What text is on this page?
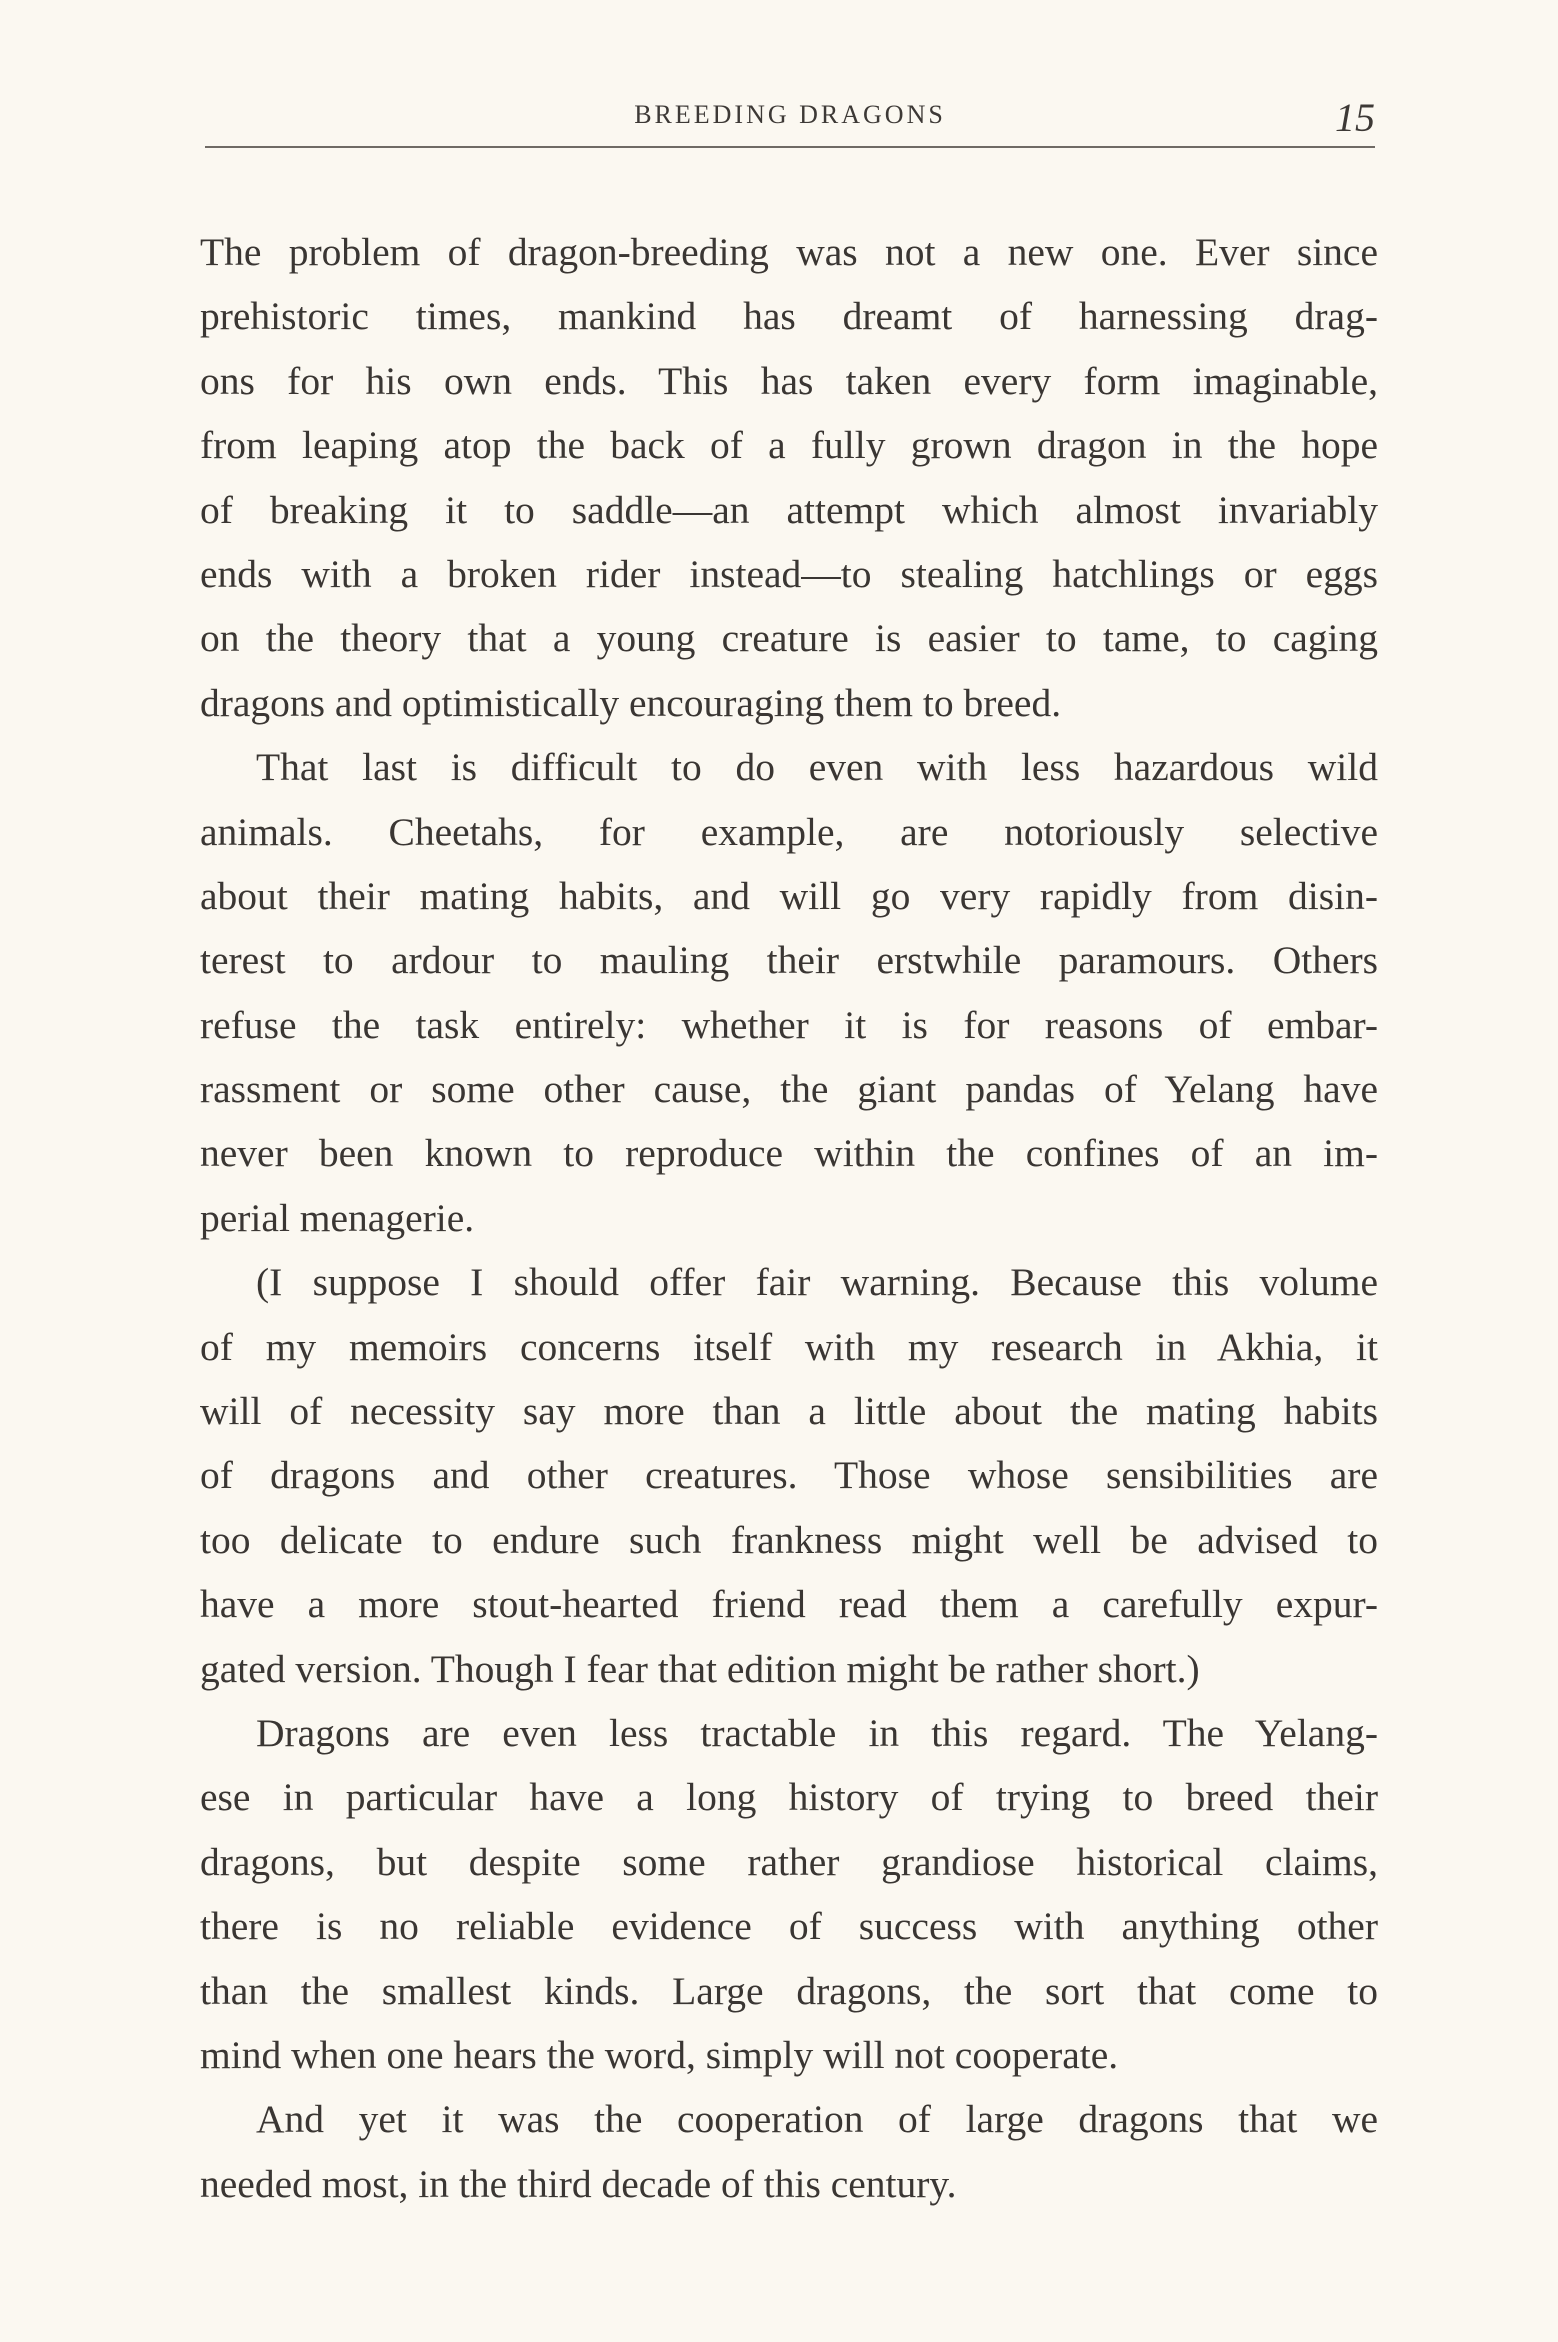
BREEDING DRAGONS	15
The problem of dragon-breeding was not a new one. Ever since
prehistoric times, mankind has dreamt of harnessing drag-
ons for his own ends. This has taken every form imaginable,
from leaping atop the back of a fully grown dragon in the hope
of breaking it to saddle—an attempt which almost invariably
ends with a broken rider instead—to stealing hatchlings or eggs
on the theory that a young creature is easier to tame, to caging
dragons and optimistically encouraging them to breed.
That last is difficult to do even with less hazardous wild
animals. Cheetahs, for example, are notoriously selective
about their mating habits, and will go very rapidly from disin-
terest to ardour to mauling their erstwhile paramours. Others
refuse the task entirely: whether it is for reasons of embar-
rassment or some other cause, the giant pandas of Yelang have
never been known to reproduce within the confines of an im-
perial menagerie.
(I suppose I should offer fair warning. Because this volume
of my memoirs concerns itself with my research in Akhia, it
will of necessity say more than a little about the mating habits
of dragons and other creatures. Those whose sensibilities are
too delicate to endure such frankness might well be advised to
have a more stout-hearted friend read them a carefully expur-
gated version. Though I fear that edition might be rather short.)
Dragons are even less tractable in this regard. The Yelang-
ese in particular have a long history of trying to breed their
dragons, but despite some rather grandiose historical claims,
there is no reliable evidence of success with anything other
than the smallest kinds. Large dragons, the sort that come to
mind when one hears the word, simply will not cooperate.
And yet it was the cooperation of large dragons that we
needed most, in the third decade of this century.
